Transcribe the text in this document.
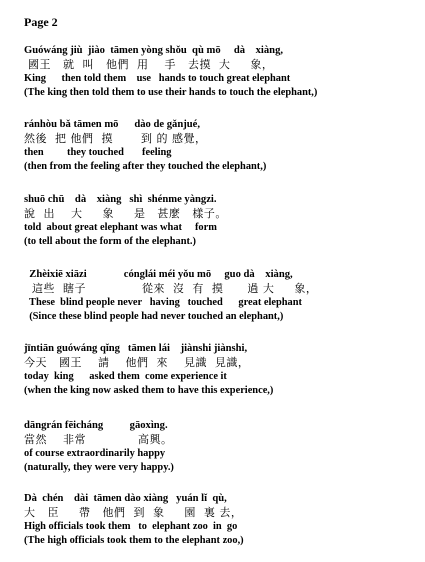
Page 2
Guówáng jiù  jiào  tāmen yòng shǒu  qù mō     dà    xiàng,
國王   就  叫   他們  用    手   去摸  大     象，
King      then told them    use   hands to touch great elephant
(The king then told them to use their hands to touch the elephant,)
ránhòu bǎ tāmen mō      dào de gǎnjué,
然後  把 他們  摸       到 的 感覺，
then         they touched       feeling
(then from the feeling after they touched the elephant,)
shuō chū    dà    xiàng   shì  shénme yàngzi.
說  出    大     象     是   甚麼   樣子。
told  about great elephant was what     form
(to tell about the form of the elephant.)
Zhèixiē xiāzi              cónglái méi yǒu mō     guo dà    xiàng,
這些  瞎子              從來  沒  有  摸      過 大     象，
These  blind people never   having   touched      great elephant
(Since these blind people had never touched an elephant,)
jīntiān guówáng qǐng   tāmen lái    jiànshi jiànshi,
今天   國王    請    他們  來    見識  見識，
today  king      asked them  come experience it
(when the king now asked them to have this experience,)
dāngrán fēicháng          gāoxìng.
當然    非常             高興。
of course extraordinarily happy
(naturally, they were very happy.)
Dà  chén    dài  tāmen dào xiàng   yuán lǐ  qù,
大   臣     帶   他們  到  象     園  裏 去，
High officials took them   to  elephant zoo  in  go
(The high officials took them to the elephant zoo,)
